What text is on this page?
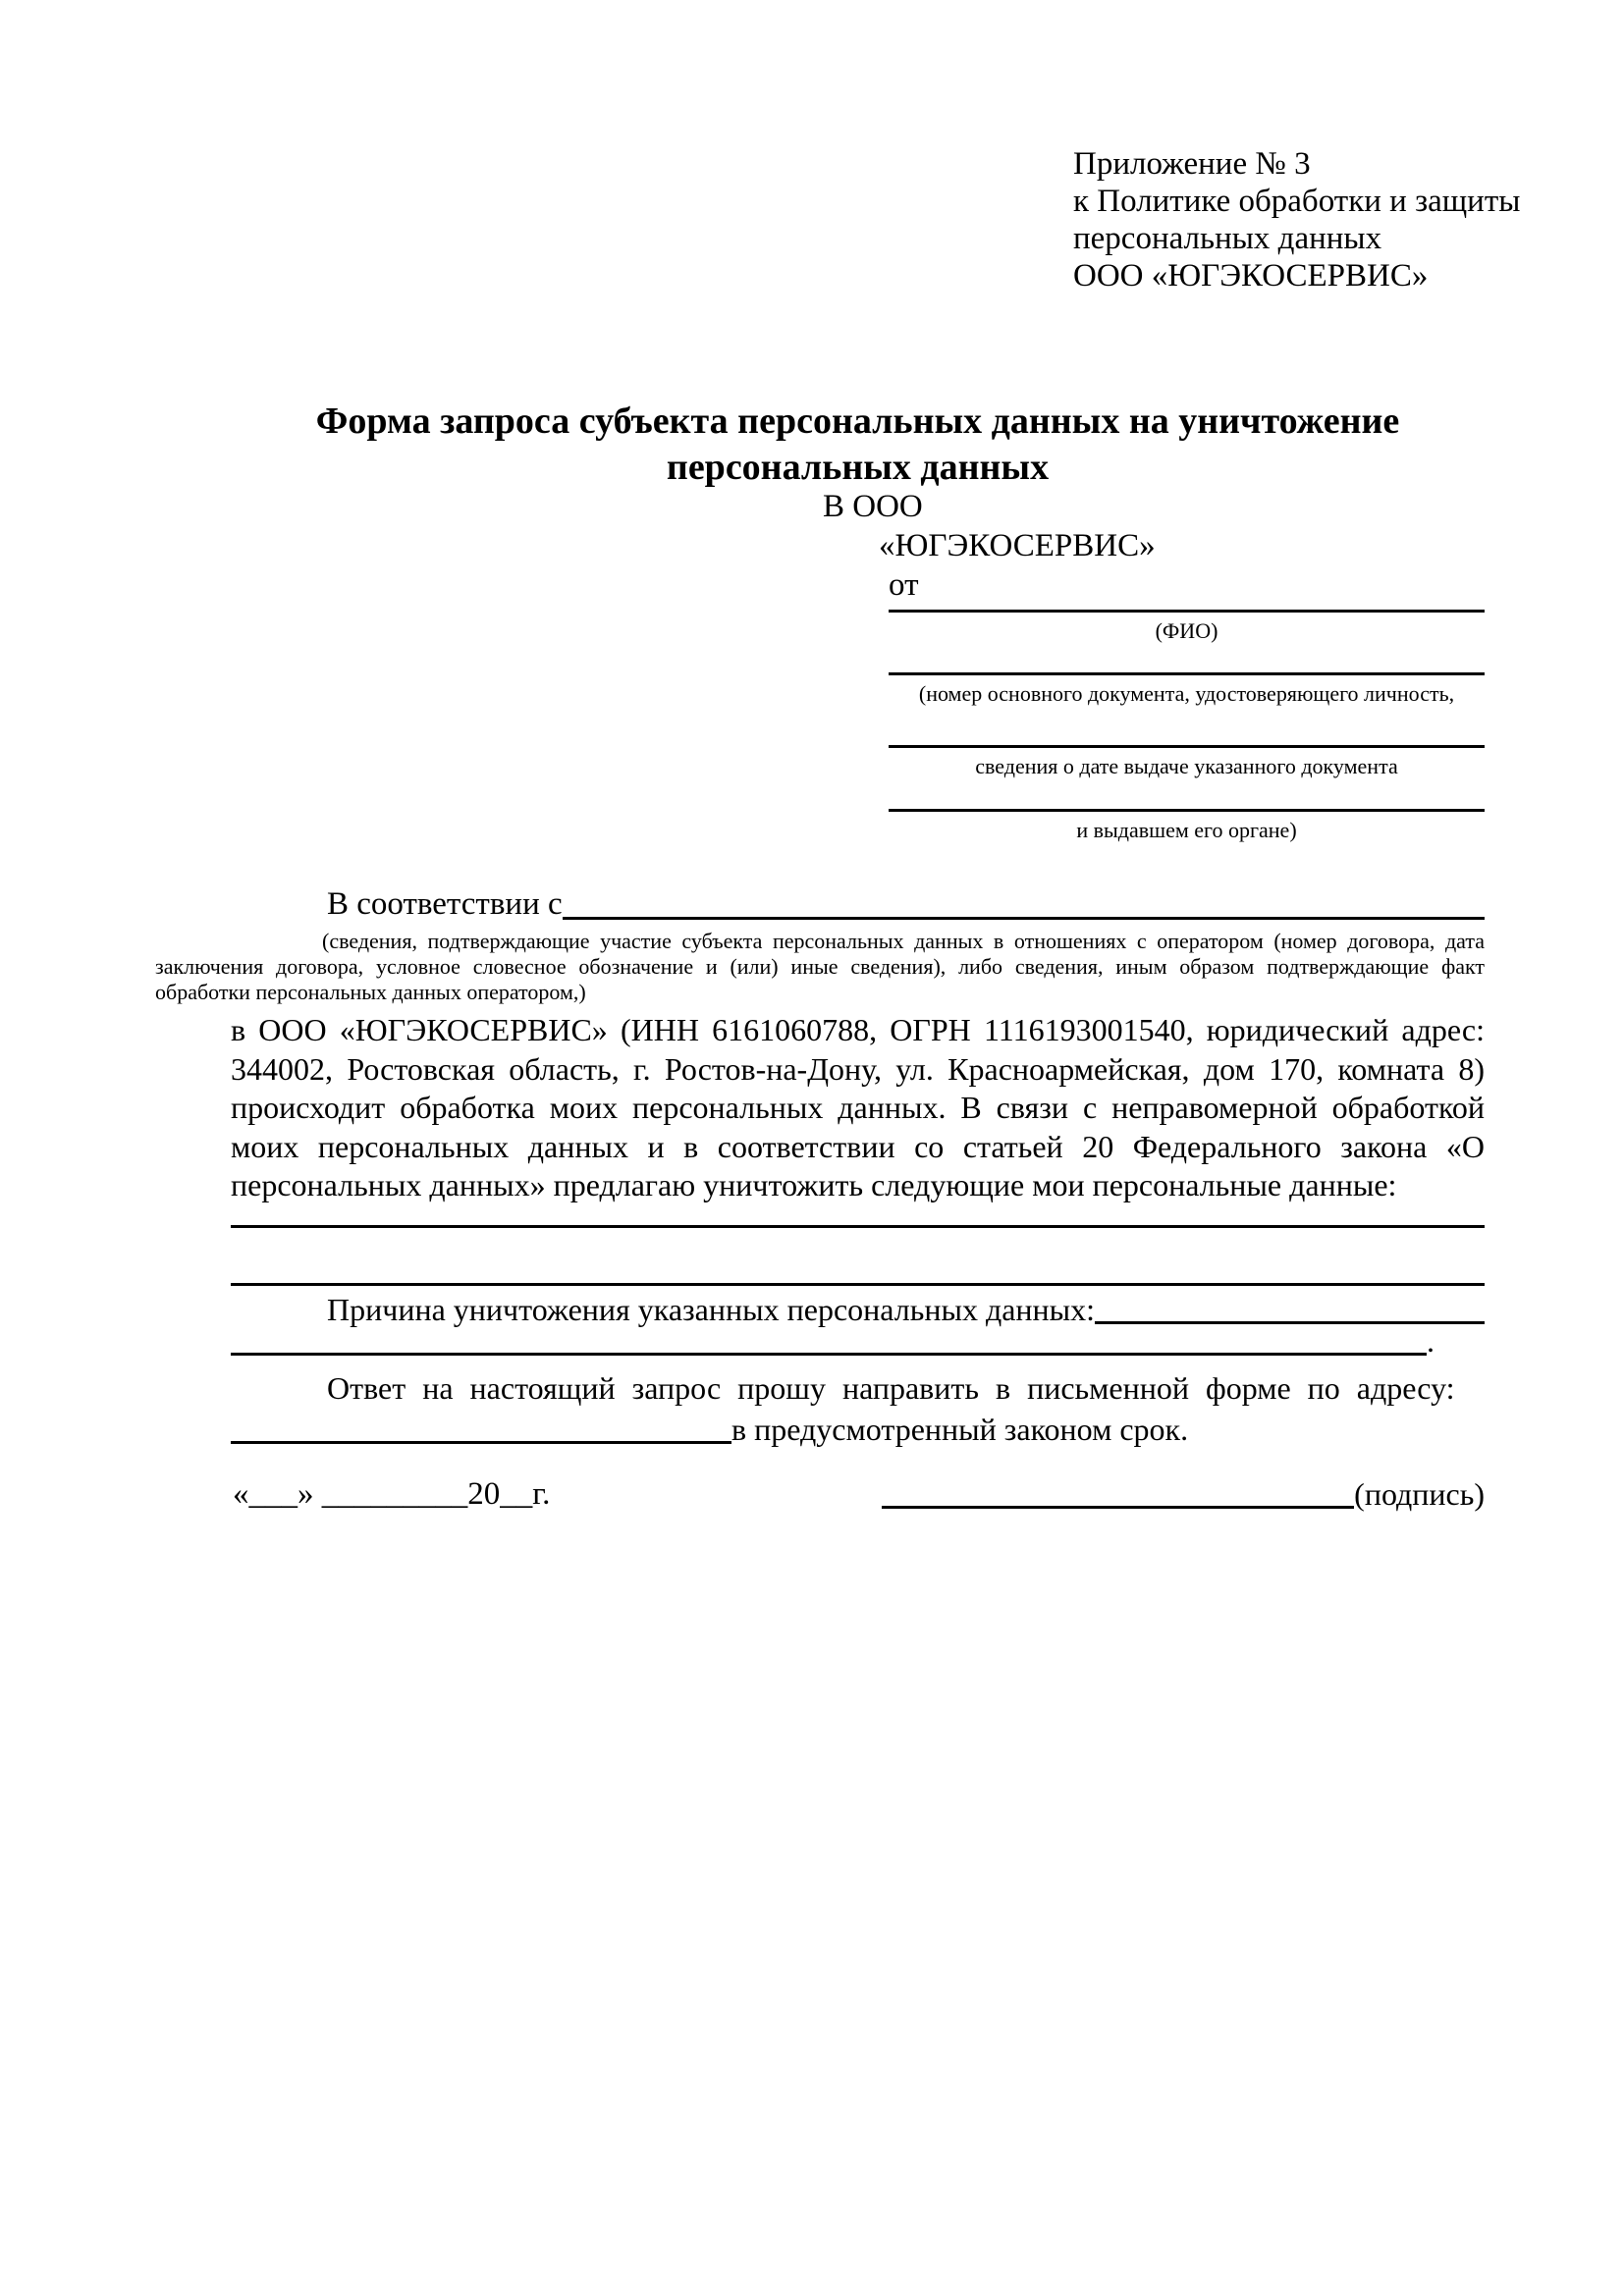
Приложение № 3
к Политике обработки и защиты
персональных данных
ООО «ЮГЭКОСЕРВИС»
Форма запроса субъекта персональных данных на уничтожение персональных данных
В ООО
«ЮГЭКОСЕРВИС»
от
(ФИО)
(номер основного документа, удостоверяющего личность,
сведения о дате выдаче указанного документа
и выдавшем его органе)
В соответствии с
(сведения, подтверждающие участие субъекта персональных данных в отношениях с оператором (номер договора, дата заключения договора, условное словесное обозначение и (или) иные сведения), либо сведения, иным образом подтверждающие факт обработки персональных данных оператором,)
в ООО «ЮГЭКОСЕРВИС» (ИНН 6161060788, ОГРН 1116193001540, юридический адрес: 344002, Ростовская область, г. Ростов-на-Дону, ул. Красноармейская, дом 170, комната 8) происходит обработка моих персональных данных. В связи с неправомерной обработкой моих персональных данных и в соответствии со статьей 20 Федерального закона «О персональных данных» предлагаю уничтожить следующие мои персональные данные:
Причина уничтожения указанных персональных данных:
.
Ответ на настоящий запрос прошу направить в письменной форме по адресу:
в предусмотренный законом срок.
«___» _________20__г.	(подпись)
